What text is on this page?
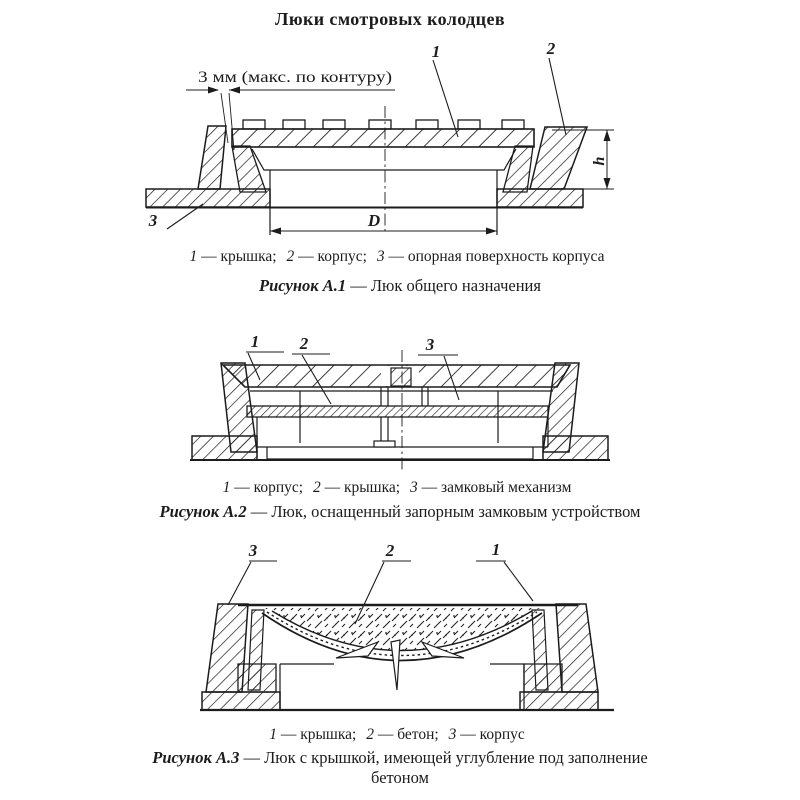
Люки смотровых колодцев
3 мм (макс. по контуру)
D
h
1	2
3
1 — крышка; 2 — корпус; 3 — опорная поверхность корпуса
Рисунок А.1 — Люк общего назначения
1 2	3
1 — корпус; 2 — крышка; 3 — замковый механизм
Рисунок А.2 — Люк, оснащенный запорным замковым устройством
3	2	1
1 — крышка; 2 — бетон; 3 — корпус
Рисунок А.3 — Люк с крышкой, имеющей углубление под заполнение
бетоном
